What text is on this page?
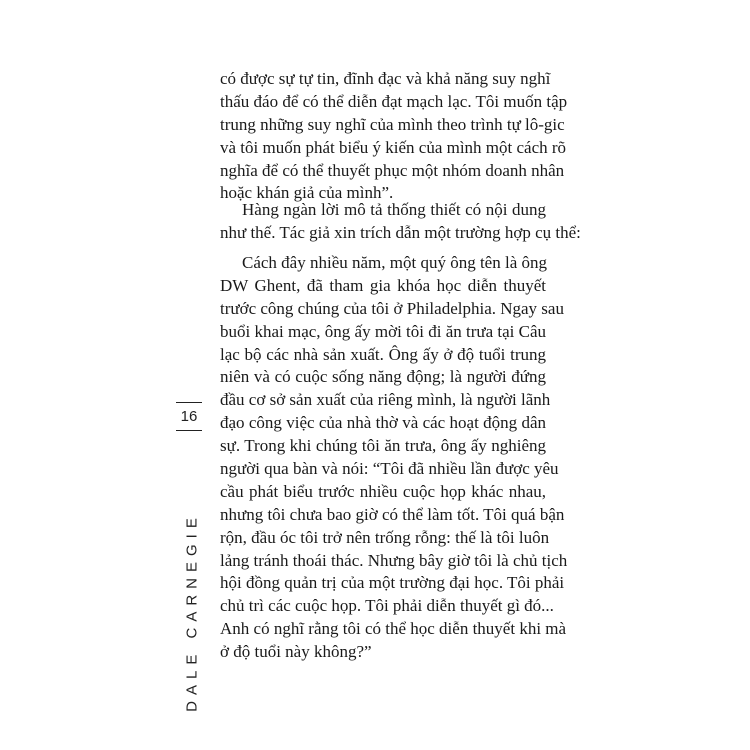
có được sự tự tin, đĩnh đạc và khả năng suy nghĩ
thấu đáo để có thể diễn đạt mạch lạc. Tôi muốn tập
trung những suy nghĩ của mình theo trình tự lô-gic
và tôi muốn phát biểu ý kiến của mình một cách rõ
nghĩa để có thể thuyết phục một nhóm doanh nhân
hoặc khán giả của mình”.
Hàng ngàn lời mô tả thống thiết có nội dung
như thế. Tác giả xin trích dẫn một trường hợp cụ thể:
Cách đây nhiều năm, một quý ông tên là ông
DW Ghent, đã tham gia khóa học diễn thuyết
trước công chúng của tôi ở Philadelphia. Ngay sau
buổi khai mạc, ông ấy mời tôi đi ăn trưa tại Câu
lạc bộ các nhà sản xuất. Ông ấy ở độ tuổi trung
niên và có cuộc sống năng động; là người đứng
đầu cơ sở sản xuất của riêng mình, là người lãnh
đạo công việc của nhà thờ và các hoạt động dân
sự. Trong khi chúng tôi ăn trưa, ông ấy nghiêng
người qua bàn và nói: “Tôi đã nhiều lần được yêu
cầu phát biểu trước nhiều cuộc họp khác nhau,
nhưng tôi chưa bao giờ có thể làm tốt. Tôi quá bận
rộn, đầu óc tôi trở nên trống rỗng: thế là tôi luôn
lảng tránh thoái thác. Nhưng bây giờ tôi là chủ tịch
hội đồng quản trị của một trường đại học. Tôi phải
chủ trì các cuộc họp. Tôi phải diễn thuyết gì đó...
Anh có nghĩ rằng tôi có thể học diễn thuyết khi mà
ở độ tuổi này không?”
16
DALE CARNEGIE
